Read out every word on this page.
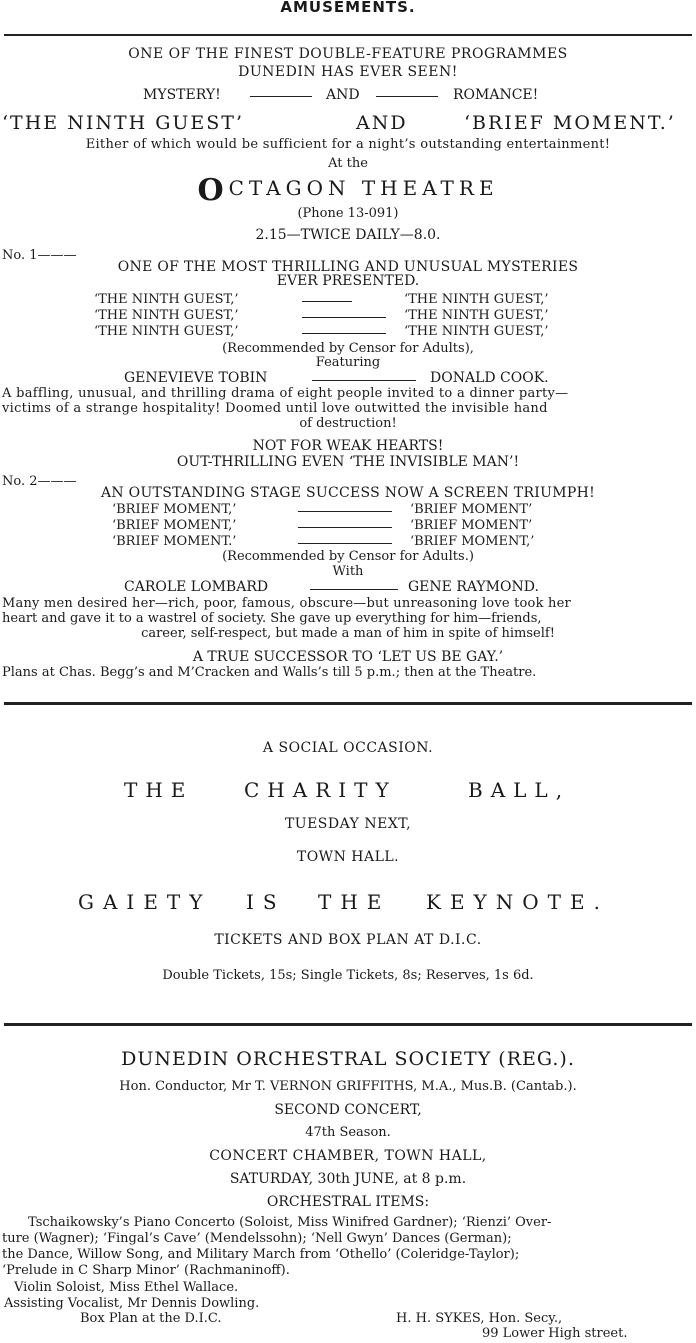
AMUSEMENTS.
ONE OF THE FINEST DOUBLE-FEATURE PROGRAMMES
DUNEDIN HAS EVER SEEN!
MYSTERY!	AND	ROMANCE!
‘THE NINTH GUEST’	AND	‘BRIEF MOMENT.’
Either of which would be sufficient for a night’s outstanding entertainment!
At the
OCTAGON THEATRE
(Phone 13-091)
2.15—TWICE DAILY—8.0.
No. 1———
ONE OF THE MOST THRILLING AND UNUSUAL MYSTERIES
EVER PRESENTED.
‘THE NINTH GUEST,’	‘THE NINTH GUEST,’
‘THE NINTH GUEST,’	‘THE NINTH GUEST,’
‘THE NINTH GUEST,’	‘THE NINTH GUEST,’
(Recommended by Censor for Adults),
Featuring
GENEVIEVE TOBIN	DONALD COOK.
A baffling, unusual, and thrilling drama of eight people invited to a dinner party—
victims of a strange hospitality! Doomed until love outwitted the invisible hand
of destruction!
NOT FOR WEAK HEARTS!
OUT-THRILLING EVEN ‘THE INVISIBLE MAN’!
No. 2———
AN OUTSTANDING STAGE SUCCESS NOW A SCREEN TRIUMPH!
‘BRIEF MOMENT,’	‘BRIEF MOMENT’
‘BRIEF MOMENT,’	‘BRIEF MOMENT’
‘BRIEF MOMENT.’	‘BRIEF MOMENT,’
(Recommended by Censor for Adults.)
With
CAROLE LOMBARD	GENE RAYMOND.
Many men desired her—rich, poor, famous, obscure—but unreasoning love took her
heart and gave it to a wastrel of society. She gave up everything for him—friends,
career, self-respect, but made a man of him in spite of himself!
A TRUE SUCCESSOR TO ‘LET US BE GAY.’
Plans at Chas. Begg’s and M’Cracken and Walls’s till 5 p.m.; then at the Theatre.
A SOCIAL OCCASION.
THE	CHARITY	BALL,
TUESDAY NEXT,
TOWN HALL.
GAIETY IS THE KEYNOTE.
TICKETS AND BOX PLAN AT D.I.C.
Double Tickets, 15s; Single Tickets, 8s; Reserves, 1s 6d.
DUNEDIN ORCHESTRAL SOCIETY (REG.).
Hon. Conductor, Mr T. VERNON GRIFFITHS, M.A., Mus.B. (Cantab.).
SECOND CONCERT,
47th Season.
CONCERT CHAMBER, TOWN HALL,
SATURDAY, 30th JUNE, at 8 p.m.
ORCHESTRAL ITEMS:
Tschaikowsky’s Piano Concerto (Soloist, Miss Winifred Gardner); ‘Rienzi’ Over-
ture (Wagner); ‘Fingal’s Cave’ (Mendelssohn); ‘Nell Gwyn’ Dances (German);
the Dance, Willow Song, and Military March from ‘Othello’ (Coleridge-Taylor);
‘Prelude in C Sharp Minor’ (Rachmaninoff).
Violin Soloist, Miss Ethel Wallace.
Assisting Vocalist, Mr Dennis Dowling.
Box Plan at the D.I.C.	H. H. SYKES, Hon. Secy.,
99 Lower High street.
